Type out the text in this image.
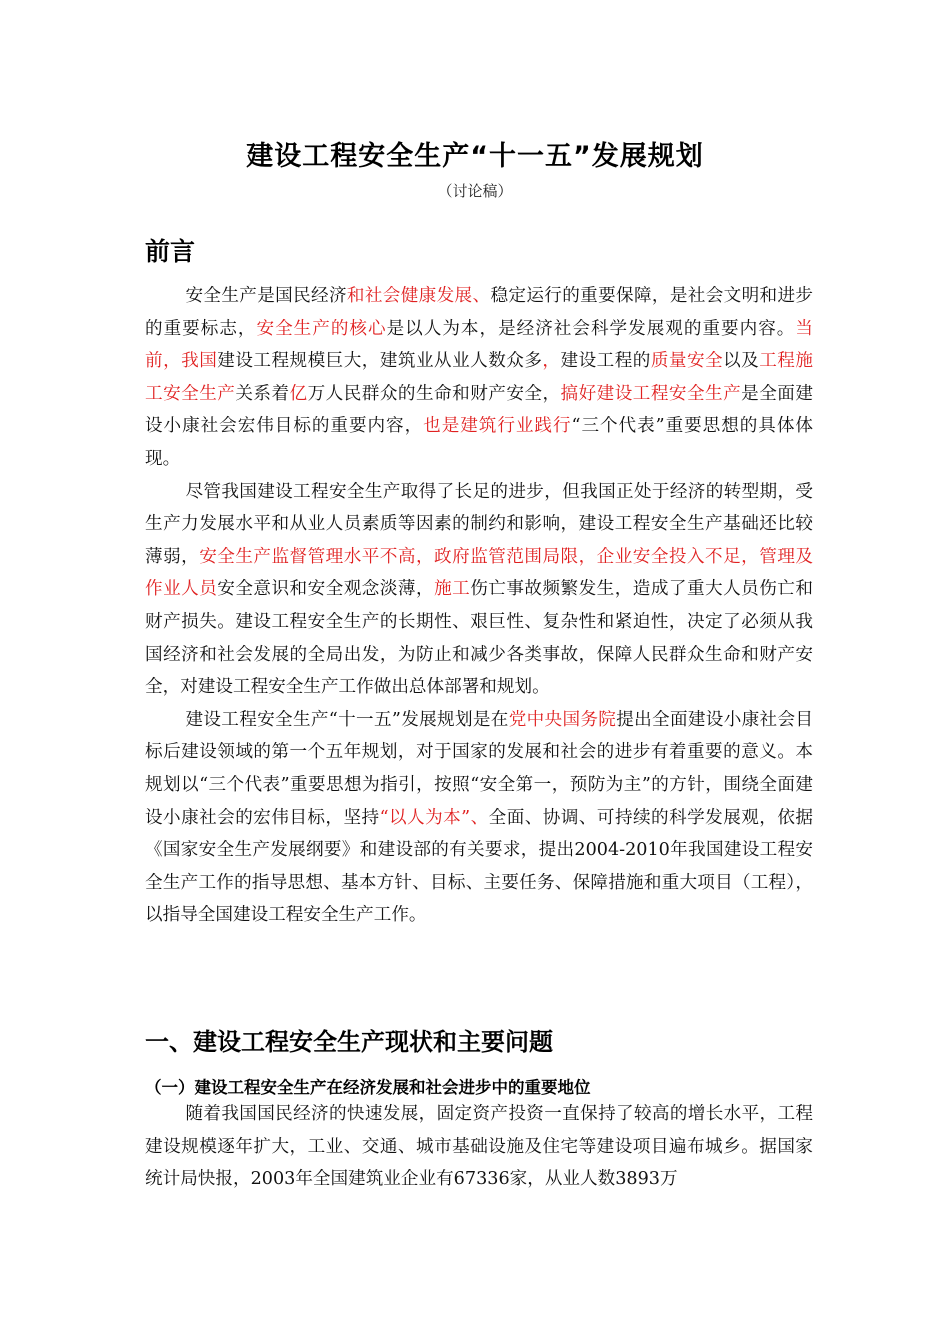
建设工程安全生产“十一五”发展规划
（讨论稿）
前言

安全生产是国民经济和社会健康发展、稳定运行的重要保障，是社会文明和进步的重要标志，安全生产的核心是以人为本，是经济社会科学发展观的重要内容。当前，我国建设工程规模巨大，建筑业从业人数众多，建设工程的质量安全以及工程施工安全生产关系着亿万人民群众的生命和财产安全，搞好建设工程安全生产是全面建设小康社会宏伟目标的重要内容，也是建筑行业践行“三个代表”重要思想的具体体现。

尽管我国建设工程安全生产取得了长足的进步，但我国正处于经济的转型期，受生产力发展水平和从业人员素质等因素的制约和影响，建设工程安全生产基础还比较薄弱，安全生产监督管理水平不高，政府监管范围局限，企业安全投入不足，管理及作业人员安全意识和安全观念淡薄，施工伤亡事故频繁发生，造成了重大人员伤亡和财产损失。建设工程安全生产的长期性、艰巨性、复杂性和紧迫性，决定了必须从我国经济和社会发展的全局出发，为防止和减少各类事故，保障人民群众生命和财产安全，对建设工程安全生产工作做出总体部署和规划。

建设工程安全生产“十一五”发展规划是在党中央国务院提出全面建设小康社会目标后建设领域的第一个五年规划，对于国家的发展和社会的进步有着重要的意义。本规划以“三个代表”重要思想为指引，按照“安全第一，预防为主”的方针，围绕全面建设小康社会的宏伟目标，坚持“以人为本”、全面、协调、可持续的科学发展观，依据《国家安全生产发展纲要》和建设部的有关要求，提出2004-2010年我国建设工程安全生产工作的指导思想、基本方针、目标、主要任务、保障措施和重大项目（工程），以指导全国建设工程安全生产工作。

一、建设工程安全生产现状和主要问题
（一）建设工程安全生产在经济发展和社会进步中的重要地位

随着我国国民经济的快速发展，固定资产投资一直保持了较高的增长水平，工程建设规模逐年扩大，工业、交通、城市基础设施及住宅等建设项目遍布城乡。据国家统计局快报，2003年全国建筑业企业有67336家，从业人数3893万
